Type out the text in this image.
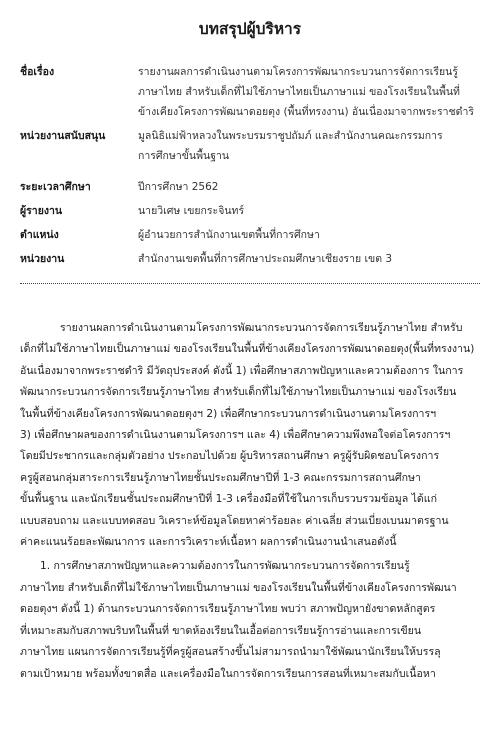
บทสรุปผู้บริหาร
ชื่อเรื่อง	รายงานผลการดำเนินงานตามโครงการพัฒนากระบวนการจัดการเรียนรู้
ภาษาไทย สำหรับเด็กที่ไม่ใช้ภาษาไทยเป็นภาษาแม่ ของโรงเรียนในพื้นที่
ข้างเคียงโครงการพัฒนาดอยตุง (พื้นที่ทรงงาน) อันเนื่องมาจากพระราชดำริ
หน่วยงานสนับสนุน	มูลนิธิแม่ฟ้าหลวงในพระบรมราชูปถัมภ์ และสำนักงานคณะกรรมการ
การศึกษาขั้นพื้นฐาน
ระยะเวลาศึกษา	ปีการศึกษา 2562
ผู้รายงาน	นายวิเศษ เขยกระจินทร์
ตำแหน่ง	ผู้อำนวยการสำนักงานเขตพื้นที่การศึกษา
หน่วยงาน	สำนักงานเขตพื้นที่การศึกษาประถมศึกษาเชียงราย เขต 3

รายงานผลการดำเนินงานตามโครงการพัฒนากระบวนการจัดการเรียนรู้ภาษาไทย สำหรับ

เด็กที่ไม่ใช้ภาษาไทยเป็นภาษาแม่ ของโรงเรียนในพื้นที่ข้างเคียงโครงการพัฒนาดอยตุง(พื้นที่ทรงงาน)

อันเนื่องมาจากพระราชดำริ มีวัตถุประสงค์ ดังนี้ 1) เพื่อศึกษาสภาพปัญหาและความต้องการ ในการ

พัฒนากระบวนการจัดการเรียนรู้ภาษาไทย สำหรับเด็กที่ไม่ใช้ภาษาไทยเป็นภาษาแม่ ของโรงเรียน

ในพื้นที่ข้างเคียงโครงการพัฒนาดอยตุงฯ 2) เพื่อศึกษากระบวนการดำเนินงานตามโครงการฯ

3) เพื่อศึกษาผลของการดำเนินงานตามโครงการฯ และ 4) เพื่อศึกษาความพึงพอใจต่อโครงการฯ

โดยมีประชากรและกลุ่มตัวอย่าง ประกอบไปด้วย ผู้บริหารสถานศึกษา ครูผู้รับผิดชอบโครงการ

ครูผู้สอนกลุ่มสาระการเรียนรู้ภาษาไทยชั้นประถมศึกษาปีที่ 1-3 คณะกรรมการสถานศึกษา

ขั้นพื้นฐาน และนักเรียนชั้นประถมศึกษาปีที่ 1-3 เครื่องมือที่ใช้ในการเก็บรวบรวมข้อมูล ได้แก่

แบบสอบถาม และแบบทดสอบ วิเคราะห์ข้อมูลโดยหาค่าร้อยละ ค่าเฉลี่ย ส่วนเบี่ยงเบนมาตรฐาน

ค่าคะแนนร้อยละพัฒนาการ และการวิเคราะห์เนื้อหา ผลการดำเนินงานนำเสนอดังนี้

1. การศึกษาสภาพปัญหาและความต้องการในการพัฒนากระบวนการจัดการเรียนรู้

ภาษาไทย สำหรับเด็กที่ไม่ใช้ภาษาไทยเป็นภาษาแม่ ของโรงเรียนในพื้นที่ข้างเคียงโครงการพัฒนา

ดอยตุงฯ ดังนี้ 1) ด้านกระบวนการจัดการเรียนรู้ภาษาไทย พบว่า สภาพปัญหายังขาดหลักสูตร

ที่เหมาะสมกับสภาพบริบทในพื้นที่ ขาดห้องเรียนในเอื้อต่อการเรียนรู้การอ่านและการเขียน

ภาษาไทย แผนการจัดการเรียนรู้ที่ครูผู้สอนสร้างขึ้นไม่สามารถนำมาใช้พัฒนานักเรียนให้บรรลุ

ตามเป้าหมาย พร้อมทั้งขาดสื่อ และเครื่องมือในการจัดการเรียนการสอนที่เหมาะสมกับเนื้อหา
